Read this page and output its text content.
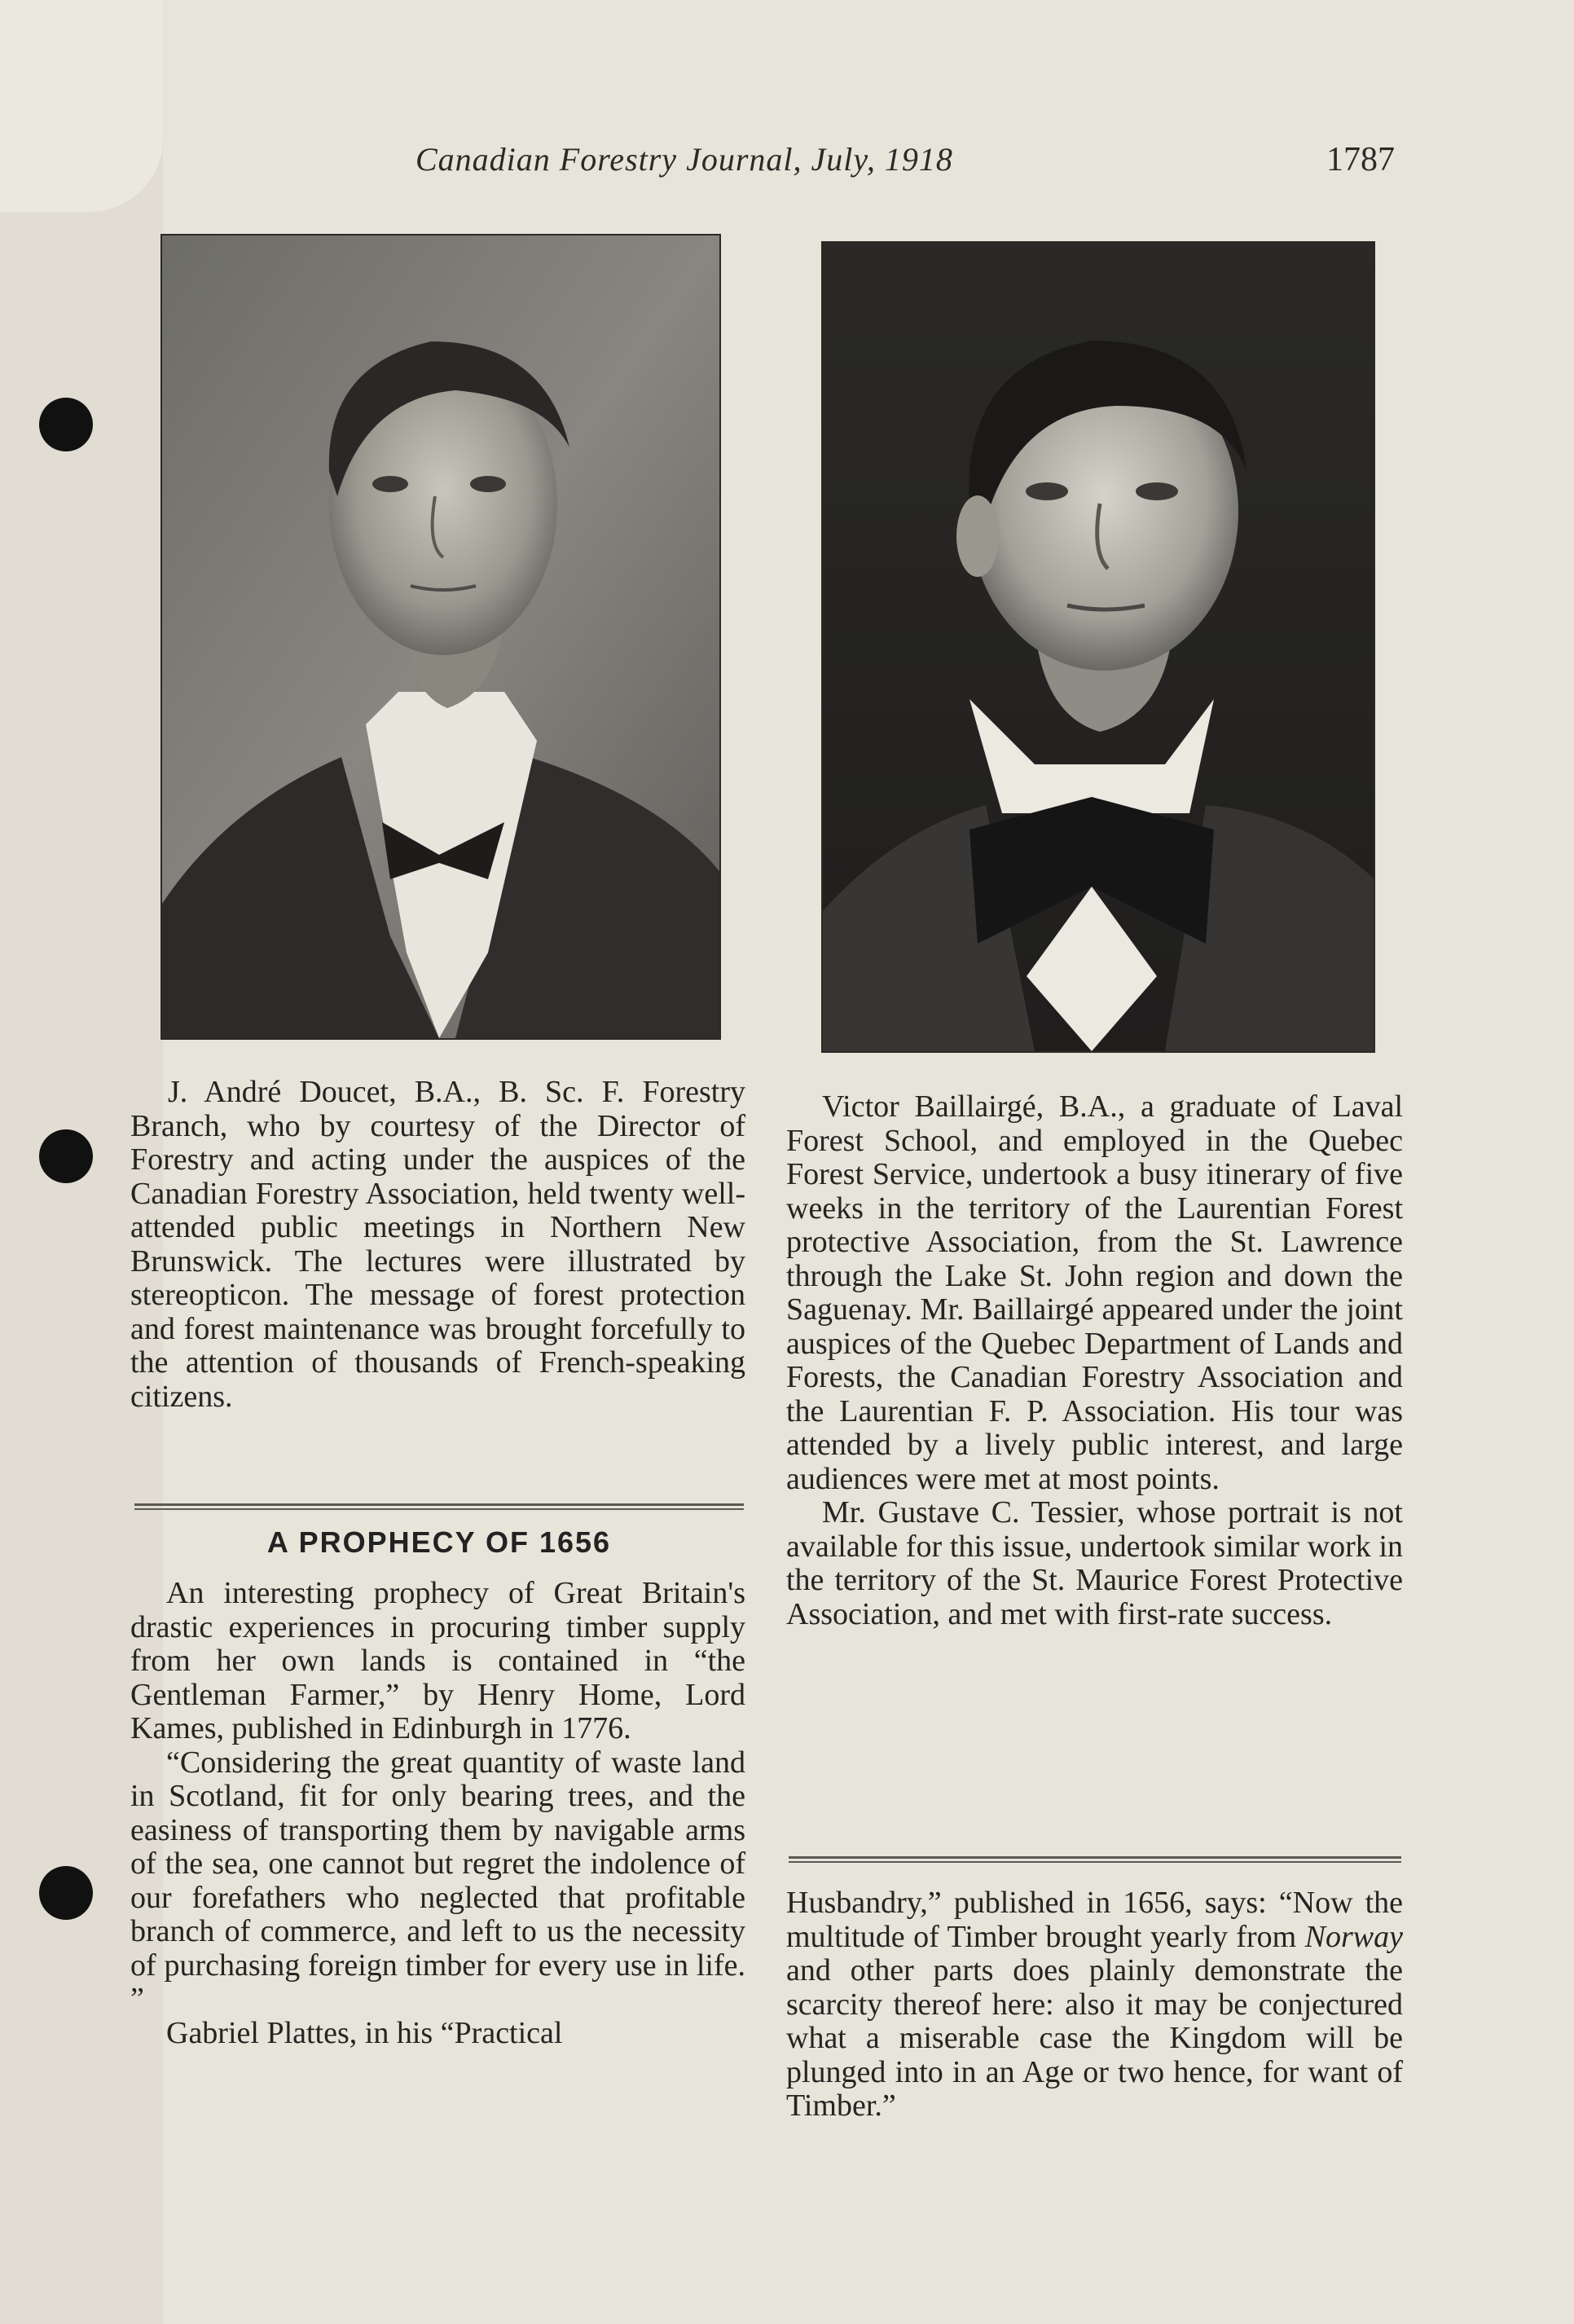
Canadian Forestry Journal, July, 1918	1787
J. André Doucet, B.A., B. Sc. F. Forestry Branch, who by courtesy of the Director of Forestry and acting under the auspices of the Canadian Forestry Association, held twenty well-attended public meetings in Northern New Brunswick. The lectures were illustrated by stereopticon. The message of forest protection and forest maintenance was brought forcefully to the attention of thousands of French-speaking citizens.
A PROPHECY OF 1656

An interesting prophecy of Great Britain's drastic experiences in procuring timber supply from her own lands is contained in “the Gentleman Farmer,” by Henry Home, Lord Kames, published in Edinburgh in 1776.

“Considering the great quantity of waste land in Scotland, fit for only bearing trees, and the easiness of transporting them by navigable arms of the sea, one cannot but regret the indolence of our forefathers who neglected that profitable branch of commerce, and left to us the necessity of purchasing foreign timber for every use in life. ”

Gabriel Plattes, in his “Practical

Victor Baillairgé, B.A., a graduate of Laval Forest School, and employed in the Quebec Forest Service, undertook a busy itinerary of five weeks in the territory of the Laurentian Forest protective Association, from the St. Lawrence through the Lake St. John region and down the Saguenay. Mr. Baillairgé appeared under the joint auspices of the Quebec Department of Lands and Forests, the Canadian Forestry Association and the Laurentian F. P. Association. His tour was attended by a lively public interest, and large audiences were met at most points.

Mr. Gustave C. Tessier, whose portrait is not available for this issue, undertook similar work in the territory of the St. Maurice Forest Protective Association, and met with first-rate success.

Husbandry,” published in 1656, says: “Now the multitude of Timber brought yearly from Norway and other parts does plainly demonstrate the scarcity thereof here: also it may be conjectured what a miserable case the Kingdom will be plunged into in an Age or two hence, for want of Timber.”
